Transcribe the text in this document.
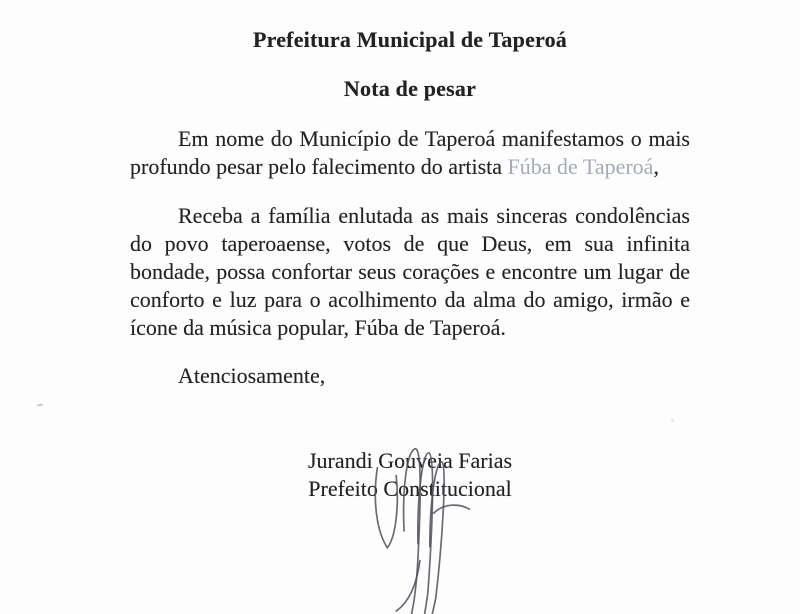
Prefeitura Municipal de Taperoá
Nota de pesar

Em nome do Município de Taperoá manifestamos o mais profundo pesar pelo falecimento do artista Fúba de Taperoá,

Receba a família enlutada as mais sinceras condolências do povo taperoaense, votos de que Deus, em sua infinita bondade, possa confortar seus corações e encontre um lugar de conforto e luz para o acolhimento da alma do amigo, irmão e ícone da música popular, Fúba de Taperoá.

Atenciosamente,

Jurandi Gouveia Farias
Prefeito Constitucional
